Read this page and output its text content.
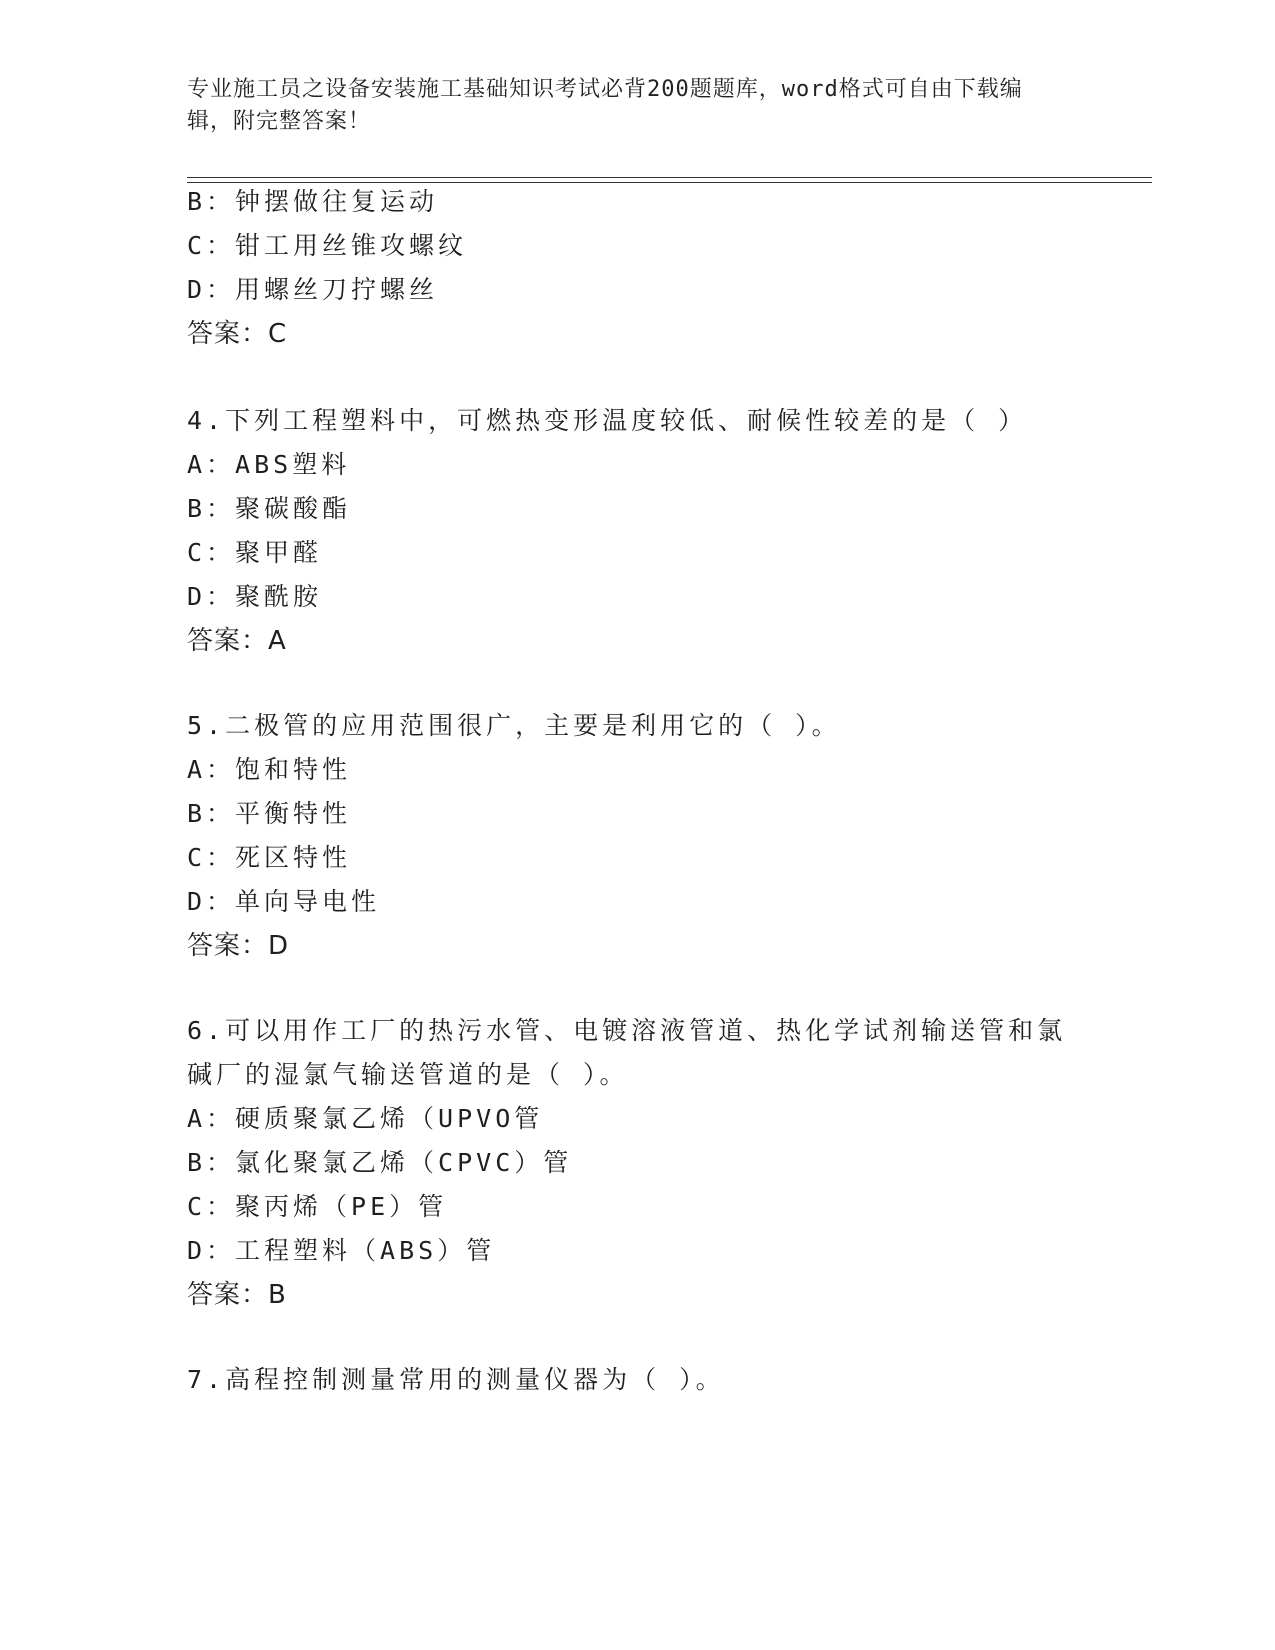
专业施工员之设备安装施工基础知识考试必背200题题库，word格式可自由下载编辑，附完整答案！
B：钟摆做往复运动
C：钳工用丝锥攻螺纹
D：用螺丝刀拧螺丝
答案：C
4.下列工程塑料中，可燃热变形温度较低、耐候性较差的是（ ）
A：ABS塑料
B：聚碳酸酯
C：聚甲醛
D：聚酰胺
答案：A
5.二极管的应用范围很广，主要是利用它的（ ）。
A：饱和特性
B：平衡特性
C：死区特性
D：单向导电性
答案：D
6.可以用作工厂的热污水管、电镀溶液管道、热化学试剂输送管和氯
碱厂的湿氯气输送管道的是（ ）。
A：硬质聚氯乙烯（UPVO管
B：氯化聚氯乙烯（CPVC）管
C：聚丙烯（PE）管
D：工程塑料（ABS）管
答案：B
7.高程控制测量常用的测量仪器为（ ）。
